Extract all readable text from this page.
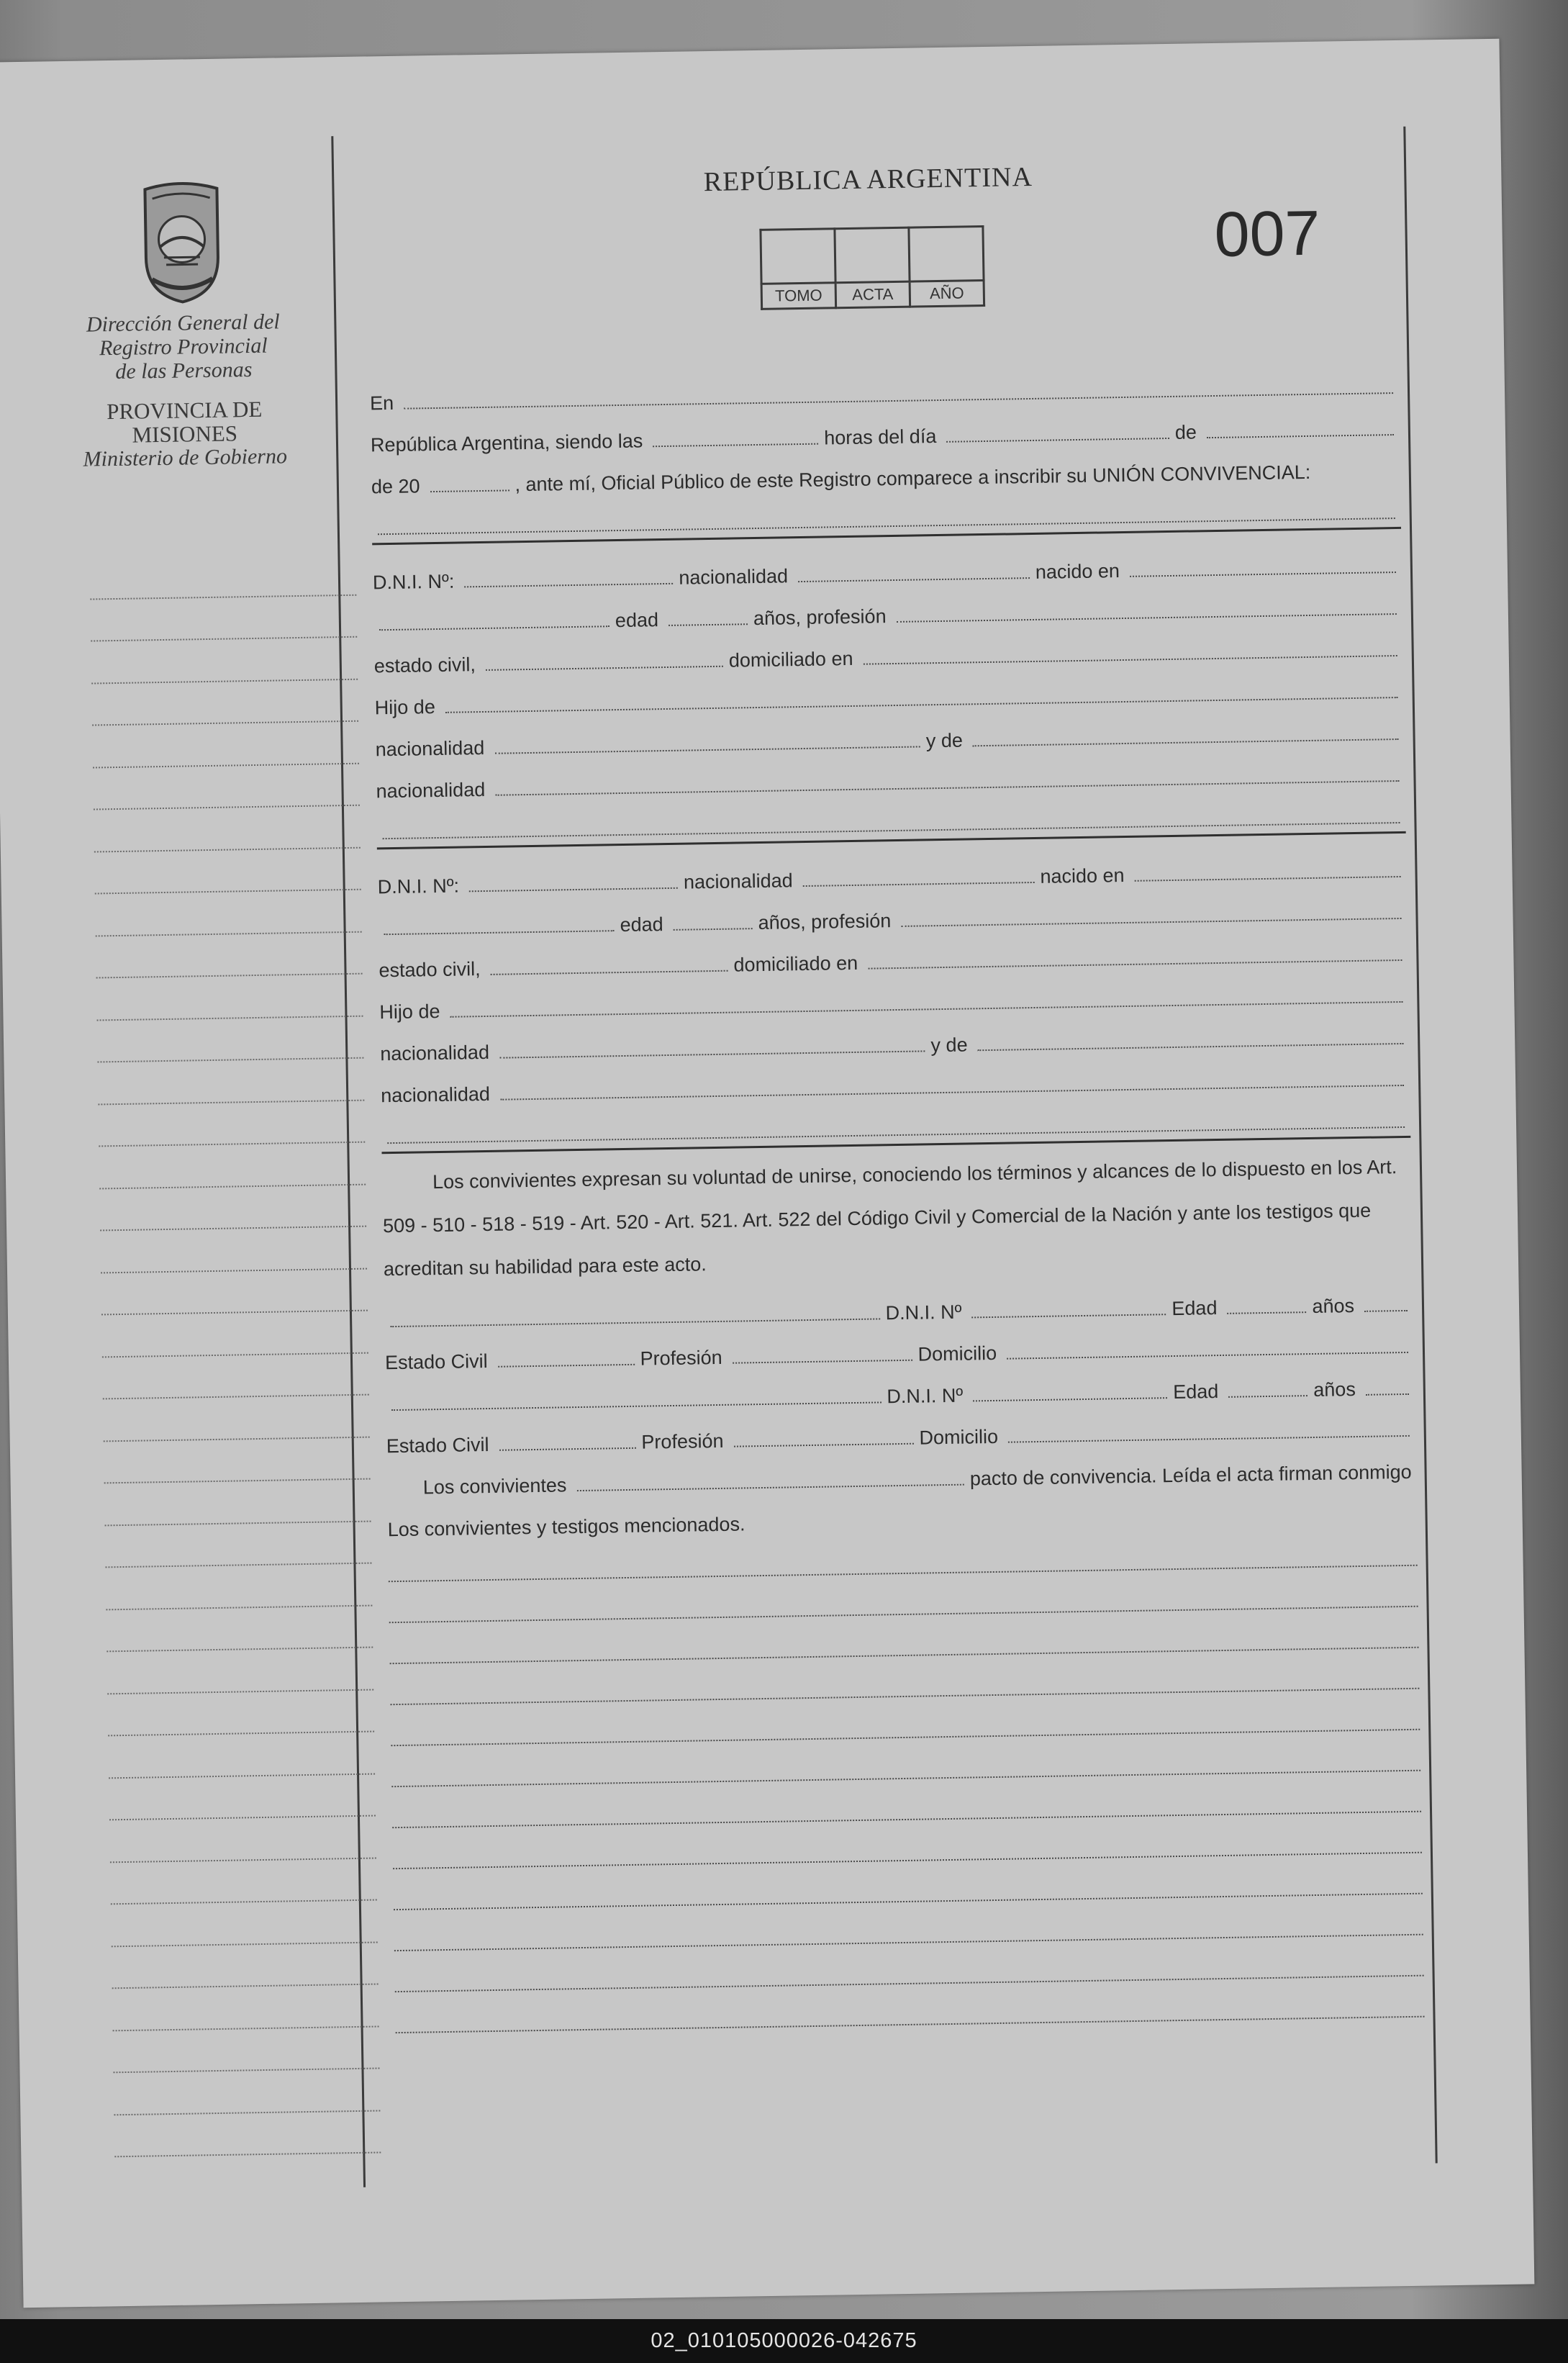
02_010105000026-042675
Dirección General del
Registro Provincial
de las Personas
PROVINCIA DE
MISIONES
Ministerio de Gobierno
REPÚBLICA ARGENTINA
007

TOMO	ACTA	AÑO
En
República Argentina, siendo las	horas del día	de
de 20	, ante mí, Oficial Público de este Registro comparece a inscribir su UNIÓN CONVIVENCIAL:
D.N.I. Nº:	nacionalidad	nacido en
edad	años, profesión
estado civil,	domiciliado en
Hijo de
nacionalidad	y de
nacionalidad
D.N.I. Nº:	nacionalidad	nacido en
edad	años, profesión
estado civil,	domiciliado en
Hijo de
nacionalidad	y de
nacionalidad
Los convivientes expresan su voluntad de unirse, conociendo los términos y alcances de lo dispuesto en los Art.
509 - 510 - 518 - 519 - Art. 520 - Art. 521. Art. 522 del Código Civil y Comercial de la Nación y ante los testigos que
acreditan su habilidad para este acto.
D.N.I. Nº	Edad	años
Estado Civil	Profesión	Domicilio
D.N.I. Nº	Edad	años
Estado Civil	Profesión	Domicilio
Los convivientes	pacto de convivencia. Leída el acta firman conmigo
Los convivientes y testigos mencionados.
